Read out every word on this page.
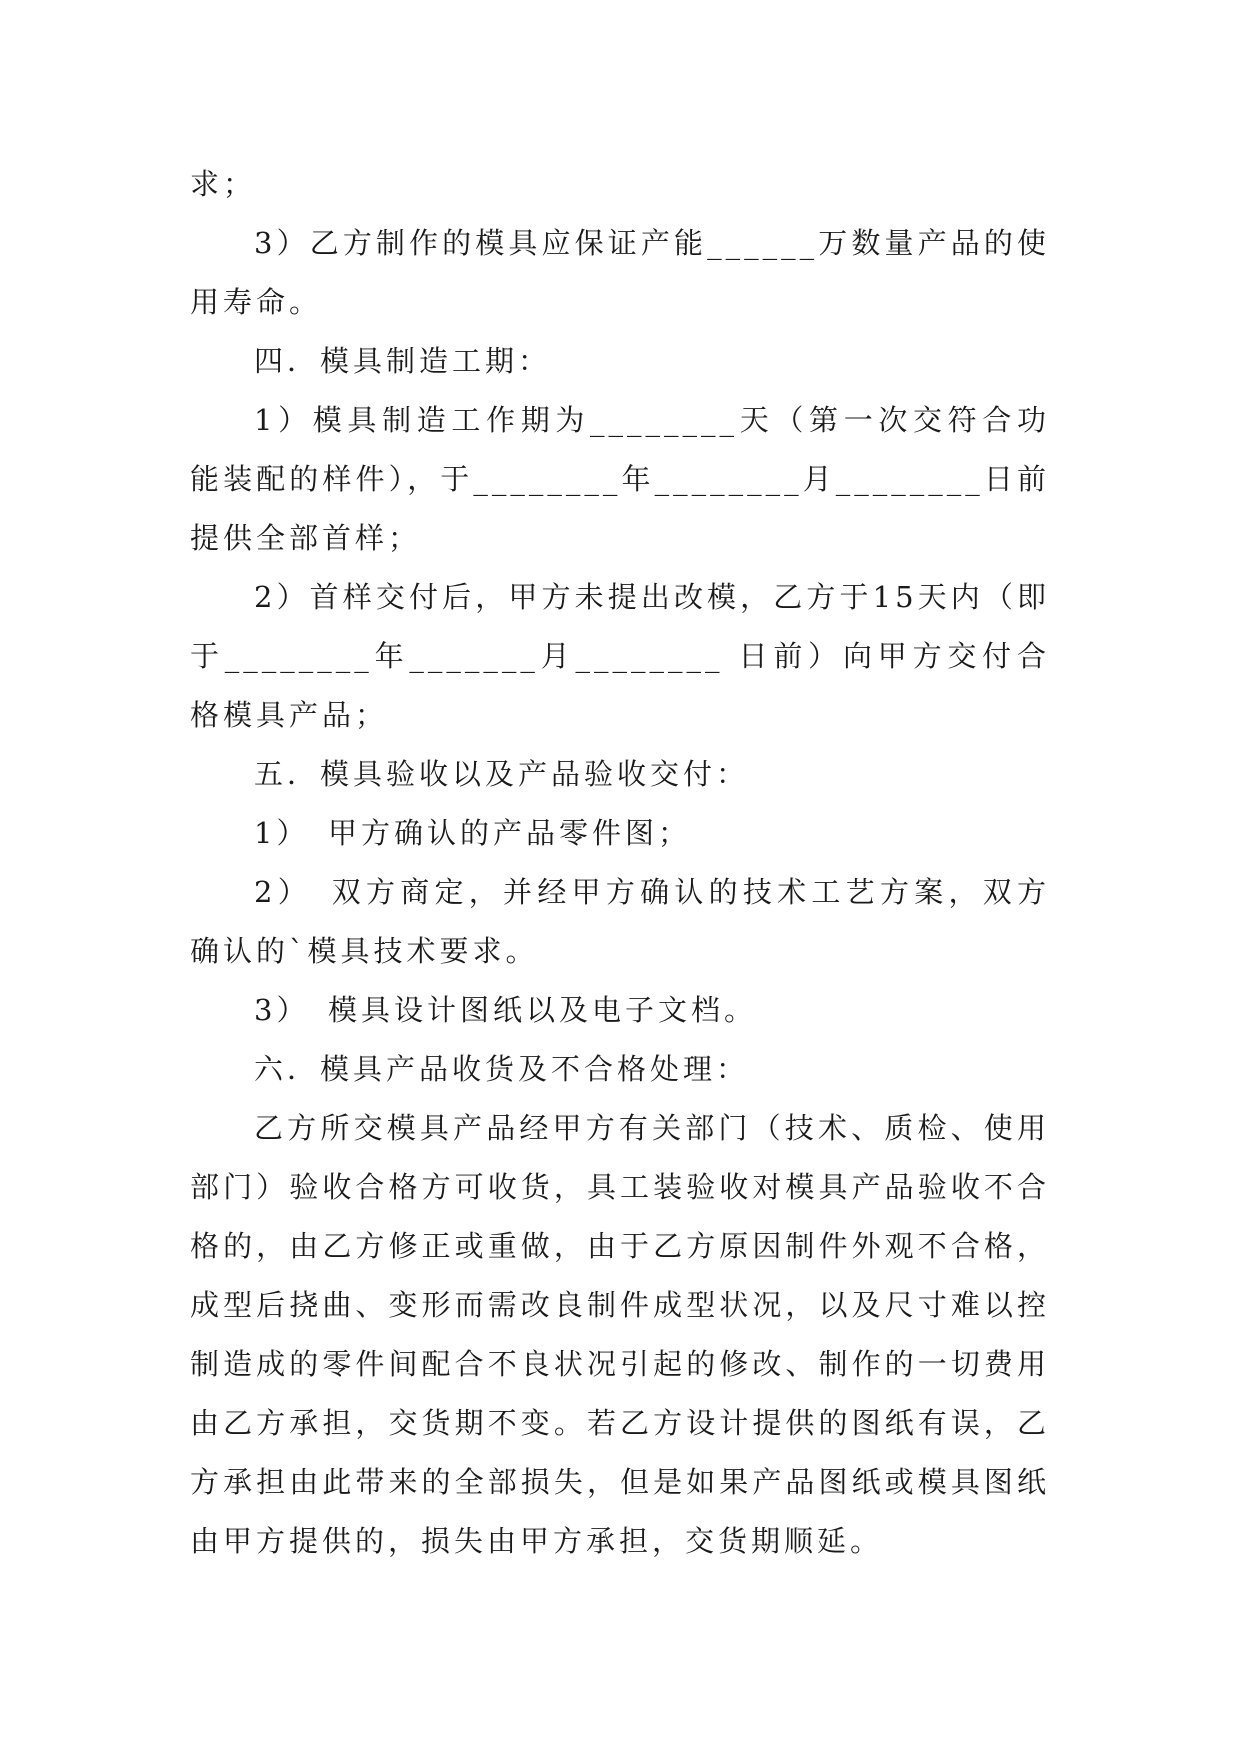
求；

3）乙方制作的模具应保证产能______万数量产品的使用寿命。

四．模具制造工期：

1）模具制造工作期为________天（第一次交符合功能装配的样件），于________年________月________日前提供全部首样；

2）首样交付后，甲方未提出改模，乙方于15天内（即于________年_______月________ 日前）向甲方交付合格模具产品；

五．模具验收以及产品验收交付：

1）　甲方确认的产品零件图；

2）　双方商定，并经甲方确认的技术工艺方案，双方确认的`模具技术要求。

3）　模具设计图纸以及电子文档。

六．模具产品收货及不合格处理：

乙方所交模具产品经甲方有关部门（技术、质检、使用部门）验收合格方可收货，具工装验收对模具产品验收不合格的，由乙方修正或重做，由于乙方原因制件外观不合格，成型后挠曲、变形而需改良制件成型状况，以及尺寸难以控制造成的零件间配合不良状况引起的修改、制作的一切费用由乙方承担，交货期不变。若乙方设计提供的图纸有误，乙方承担由此带来的全部损失，但是如果产品图纸或模具图纸由甲方提供的，损失由甲方承担，交货期顺延。
